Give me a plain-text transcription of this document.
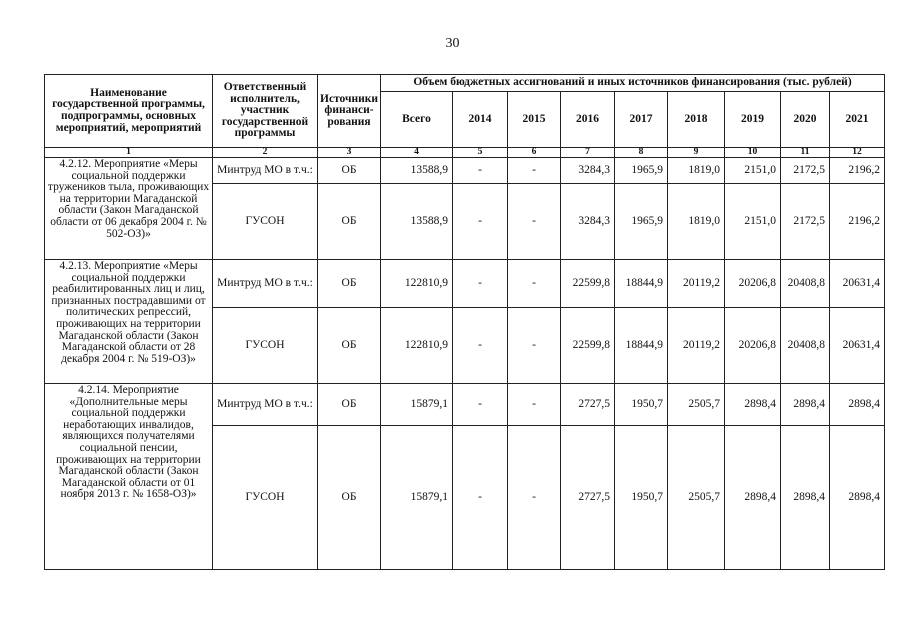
30
Наименование государственной программы, подпрограммы, основных мероприятий, мероприятий	Ответственный исполнитель, участник государственной программы	Источники финанси-рования	Объем бюджетных ассигнований и иных источников финансирования (тыс. рублей)								
			Всего	2014	2015	2016	2017	2018	2019	2020	2021
1	2	3	4	5	6	7	8	9	10	11	12
4.2.12. Мероприятие «Меры социальной поддержки тружеников тыла, проживающих на территории Магаданской области (Закон Магаданской области от 06 декабря 2004 г. № 502-ОЗ)»	Минтруд МО в т.ч.:	ОБ	13588,9	-	-	3284,3	1965,9	1819,0	2151,0	2172,5	2196,2
	ГУСОН	ОБ	13588,9	-	-	3284,3	1965,9	1819,0	2151,0	2172,5	2196,2
4.2.13. Мероприятие «Меры социальной поддержки реабилитированных лиц и лиц, признанных пострадавшими от политических репрессий, проживающих на территории Магаданской области (Закон Магаданской области от 28 декабря 2004 г. № 519-ОЗ)»	Минтруд МО в т.ч.:	ОБ	122810,9	-	-	22599,8	18844,9	20119,2	20206,8	20408,8	20631,4
	ГУСОН	ОБ	122810,9	-	-	22599,8	18844,9	20119,2	20206,8	20408,8	20631,4
4.2.14. Мероприятие «Дополнительные меры социальной поддержки неработающих инвалидов, являющихся получателями социальной пенсии, проживающих на территории Магаданской области (Закон Магаданской области от 01 ноября 2013 г. № 1658-ОЗ)»	Минтруд МО в т.ч.:	ОБ	15879,1	-	-	2727,5	1950,7	2505,7	2898,4	2898,4	2898,4
	ГУСОН	ОБ	15879,1	-	-	2727,5	1950,7	2505,7	2898,4	2898,4	2898,4
